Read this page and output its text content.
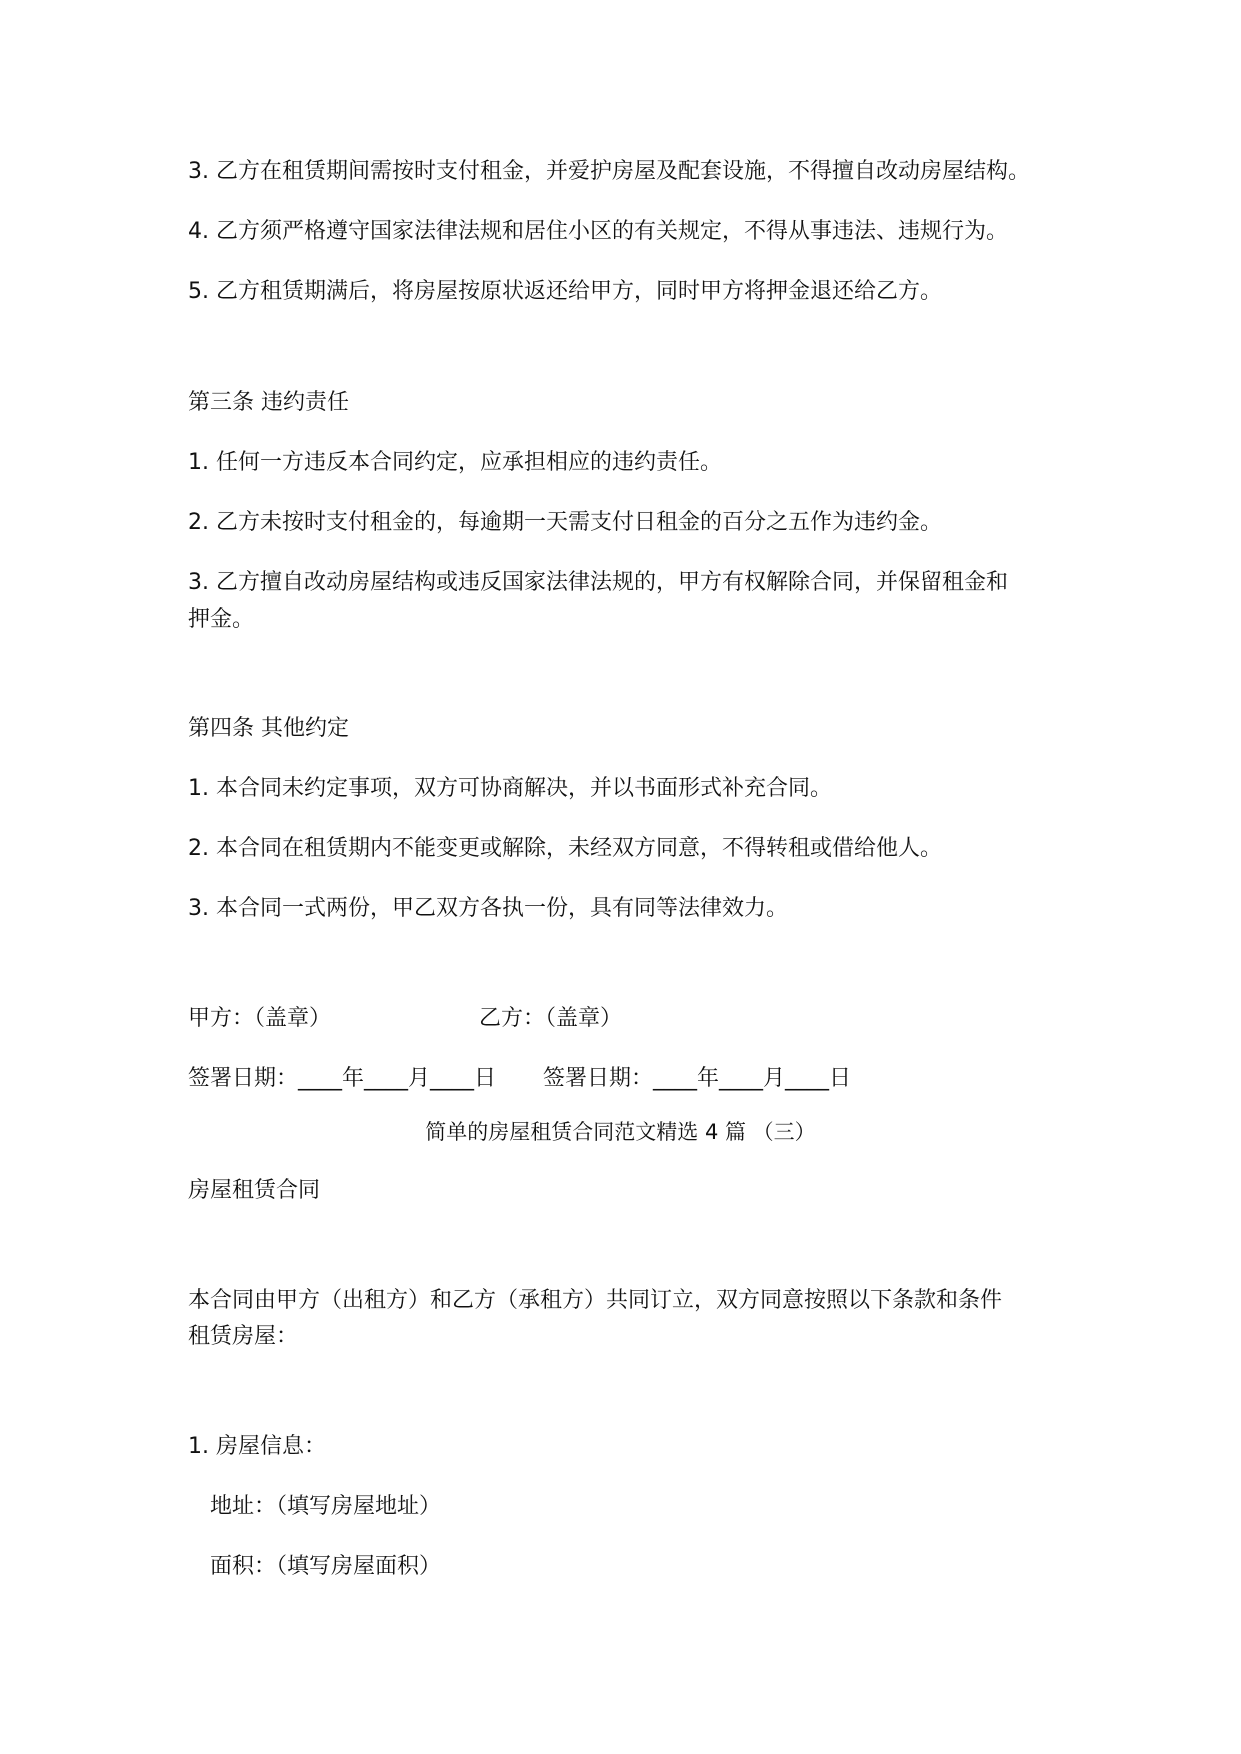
3. 乙方在租赁期间需按时支付租金，并爱护房屋及配套设施，不得擅自改动房屋结构。
4. 乙方须严格遵守国家法律法规和居住小区的有关规定，不得从事违法、违规行为。
5. 乙方租赁期满后，将房屋按原状返还给甲方，同时甲方将押金退还给乙方。
第三条 违约责任
1. 任何一方违反本合同约定，应承担相应的违约责任。
2. 乙方未按时支付租金的，每逾期一天需支付日租金的百分之五作为违约金。
3. 乙方擅自改动房屋结构或违反国家法律法规的，甲方有权解除合同，并保留租金和
押金。
第四条 其他约定
1. 本合同未约定事项，双方可协商解决，并以书面形式补充合同。
2. 本合同在租赁期内不能变更或解除，未经双方同意，不得转租或借给他人。
3. 本合同一式两份，甲乙双方各执一份，具有同等法律效力。
甲方：（盖章）	乙方：（盖章）
签署日期：____年____月____日 签署日期：____年____月____日
简单的房屋租赁合同范文精选 4 篇 （三）
房屋租赁合同
本合同由甲方（出租方）和乙方（承租方）共同订立，双方同意按照以下条款和条件
租赁房屋：
1. 房屋信息：
地址：（填写房屋地址）
面积：（填写房屋面积）
